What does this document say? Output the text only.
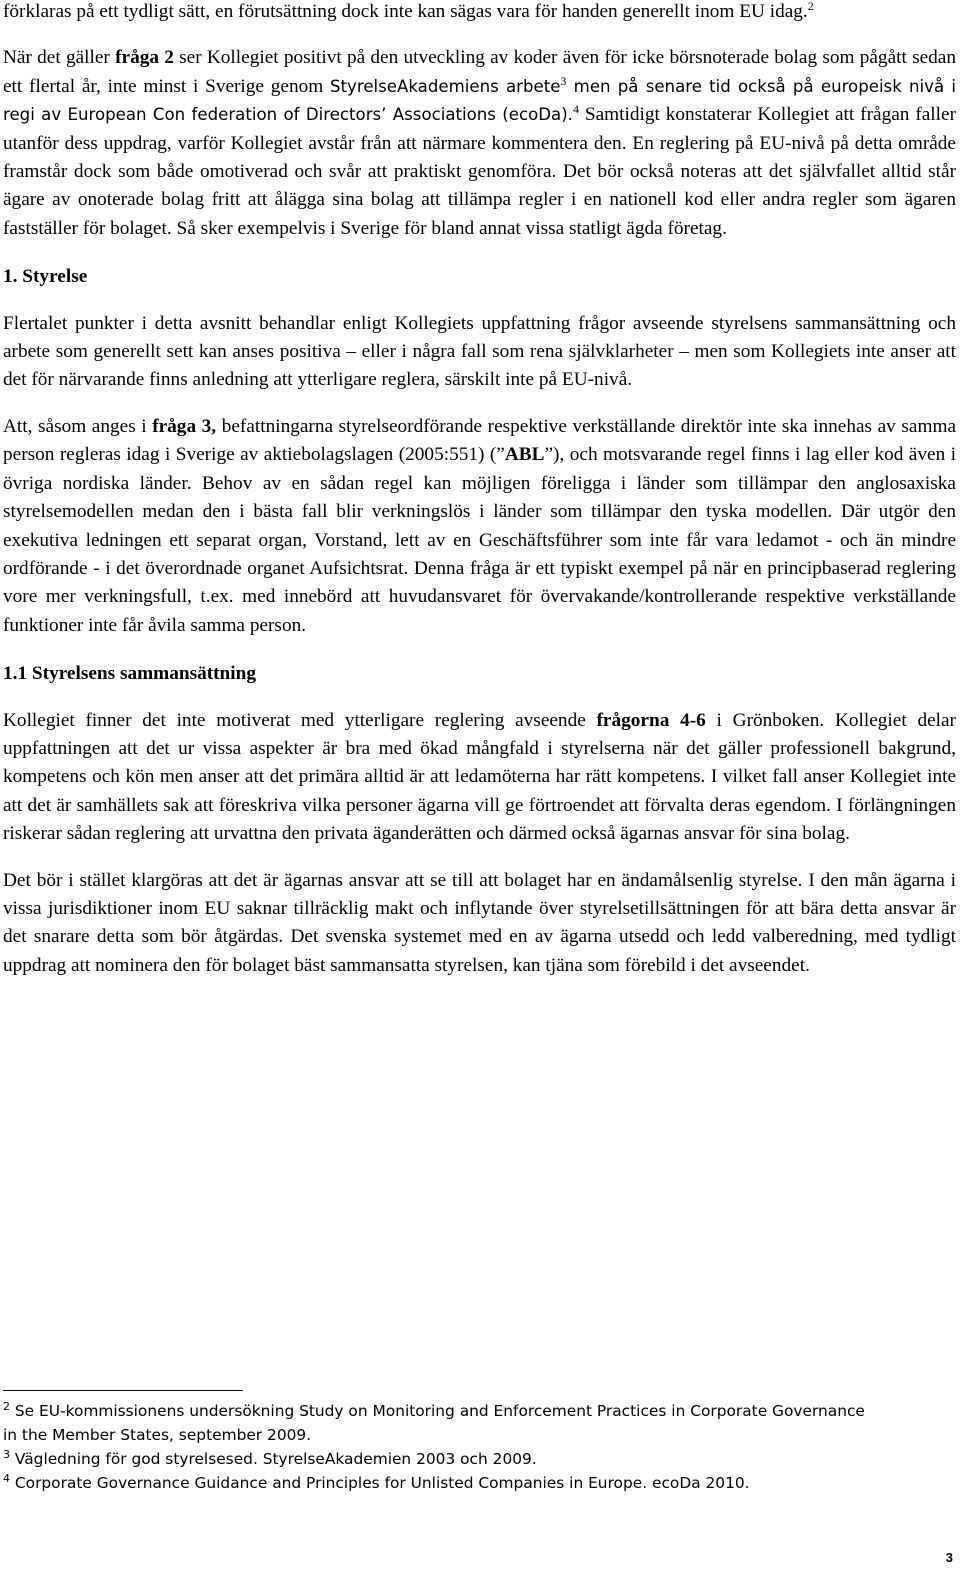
förklaras på ett tydligt sätt, en förutsättning dock inte kan sägas vara för handen generellt inom EU idag.$^2$

När det gäller fråga 2 ser Kollegiet positivt på den utveckling av koder även för icke börsnoterade bolag som pågått sedan ett flertal år, inte minst i Sverige genom StyrelseAkademiens arbete$^3$ men på senare tid också på europeisk nivå i regi av European Con federation of Directors’ Associations (ecoDa).$^4$ Samtidigt konstaterar Kollegiet att frågan faller utanför dess uppdrag, varför Kollegiet avstår från att närmare kommentera den. En reglering på EU-nivå på detta område framstår dock som både omotiverad och svår att praktiskt genomföra. Det bör också noteras att det självfallet alltid står ägare av onoterade bolag fritt att ålägga sina bolag att tillämpa regler i en nationell kod eller andra regler som ägaren fastställer för bolaget. Så sker exempelvis i Sverige för bland annat vissa statligt ägda företag.

1. Styrelse

Flertalet punkter i detta avsnitt behandlar enligt Kollegiets uppfattning frågor avseende styrelsens sammansättning och arbete som generellt sett kan anses positiva – eller i några fall som rena självklarheter – men som Kollegiets inte anser att det för närvarande finns anledning att ytterligare reglera, särskilt inte på EU-nivå.

Att, såsom anges i fråga 3, befattningarna styrelseordförande respektive verkställande direktör inte ska innehas av samma person regleras idag i Sverige av aktiebolagslagen (2005:551) (”ABL”), och motsvarande regel finns i lag eller kod även i övriga nordiska länder. Behov av en sådan regel kan möjligen föreligga i länder som tillämpar den anglosaxiska styrelsemodellen medan den i bästa fall blir verkningslös i länder som tillämpar den tyska modellen. Där utgör den exekutiva ledningen ett separat organ, Vorstand, lett av en Geschäftsführer som inte får vara ledamot - och än mindre ordförande - i det överordnade organet Aufsichtsrat. Denna fråga är ett typiskt exempel på när en principbaserad reglering vore mer verkningsfull, t.ex. med innebörd att huvudansvaret för övervakande/kontrollerande respektive verkställande funktioner inte får åvila samma person.

1.1 Styrelsens sammansättning

Kollegiet finner det inte motiverat med ytterligare reglering avseende frågorna 4-6 i Grönboken. Kollegiet delar uppfattningen att det ur vissa aspekter är bra med ökad mångfald i styrelserna när det gäller professionell bakgrund, kompetens och kön men anser att det primära alltid är att ledamöterna har rätt kompetens. I vilket fall anser Kollegiet inte att det är samhällets sak att föreskriva vilka personer ägarna vill ge förtroendet att förvalta deras egendom. I förlängningen riskerar sådan reglering att urvattna den privata äganderätten och därmed också ägarnas ansvar för sina bolag.

Det bör i stället klargöras att det är ägarnas ansvar att se till att bolaget har en ändamålsenlig styrelse. I den mån ägarna i vissa jurisdiktioner inom EU saknar tillräcklig makt och inflytande över styrelsetillsättningen för att bära detta ansvar är det snarare detta som bör åtgärdas. Det svenska systemet med en av ägarna utsedd och ledd valberedning, med tydligt uppdrag att nominera den för bolaget bäst sammansatta styrelsen, kan tjäna som förebild i det avseendet.

$^2$ Se EU-kommissionens undersökning Study on Monitoring and Enforcement Practices in Corporate Governance
in the Member States, september 2009.

$^3$ Vägledning för god styrelsesed. StyrelseAkademien 2003 och 2009.

$^4$ Corporate Governance Guidance and Principles for Unlisted Companies in Europe. ecoDa 2010.

3
